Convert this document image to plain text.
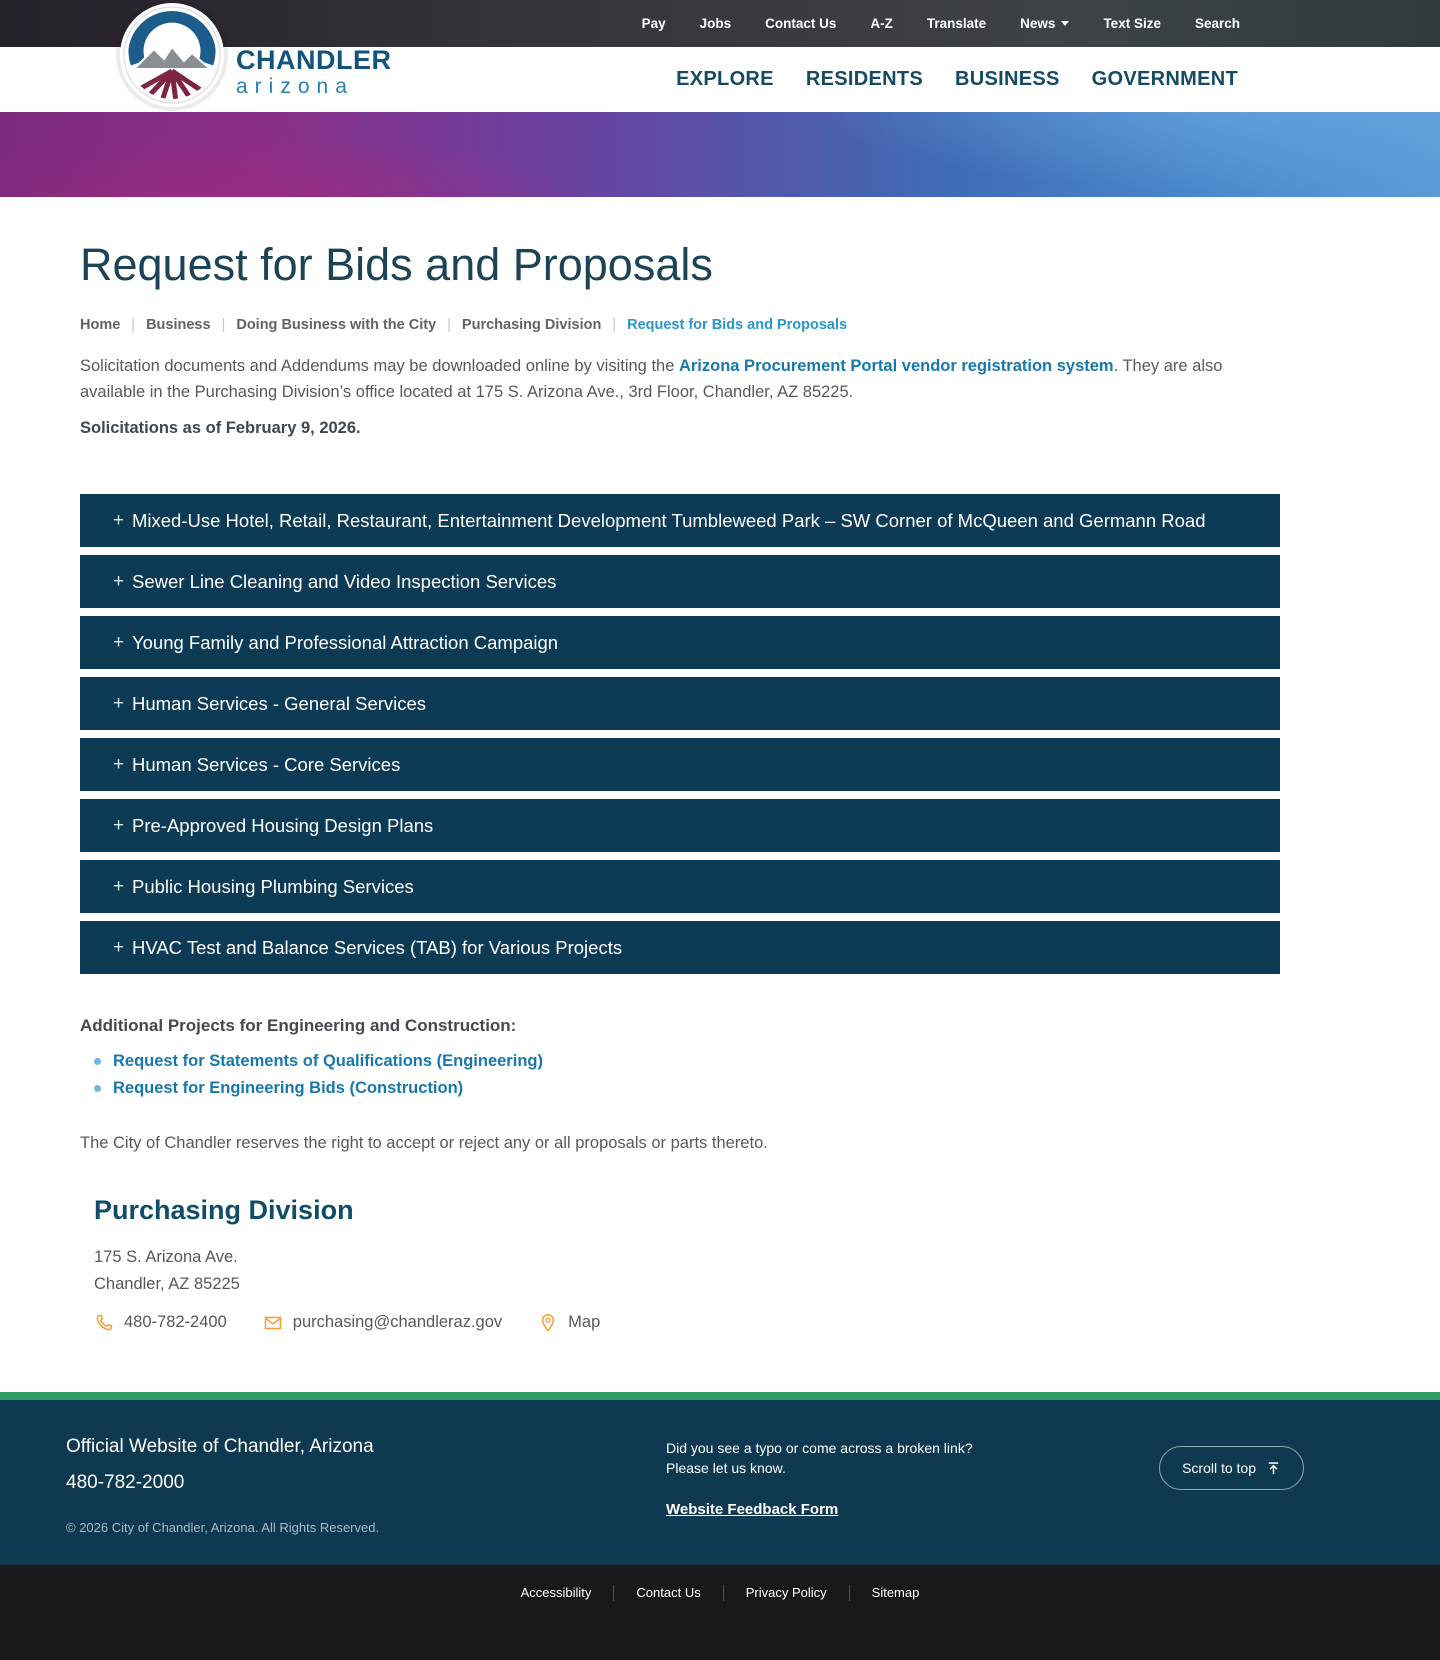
Pay	Jobs	Contact Us	A-Z	Translate	News	Text Size	Search
CHANDLER
arizona	EXPLORE RESIDENTS BUSINESS GOVERNMENT
Request for Bids and Proposals
Home | Business | Doing Business with the City | Purchasing Division | Request for Bids and Proposals

Solicitation documents and Addendums may be downloaded online by visiting the Arizona Procurement Portal vendor registration system. They are also available in the Purchasing Division’s office located at 175 S. Arizona Ave., 3rd Floor, Chandler, AZ 85225.

Solicitations as of February 9, 2026.

+ Mixed-Use Hotel, Retail, Restaurant, Entertainment Development Tumbleweed Park – SW Corner of McQueen and Germann Road
+ Sewer Line Cleaning and Video Inspection Services
+ Young Family and Professional Attraction Campaign
+ Human Services - General Services
+ Human Services - Core Services
+ Pre-Approved Housing Design Plans
+ Public Housing Plumbing Services
+ HVAC Test and Balance Services (TAB) for Various Projects

Additional Projects for Engineering and Construction:

Request for Statements of Qualifications (Engineering)
Request for Engineering Bids (Construction)

The City of Chandler reserves the right to accept or reject any or all proposals or parts thereto.

Purchasing Division
175 S. Arizona Ave.
Chandler, AZ 85225
480-782-2400	purchasing@chandleraz.gov	Map
Official Website of Chandler, Arizona
480-782-2000
© 2026 City of Chandler, Arizona. All Rights Reserved.
Did you see a typo or come across a broken link?
Please let us know.
Website Feedback Form
Scroll to top
Accessibility	Contact Us	Privacy Policy	Sitemap
